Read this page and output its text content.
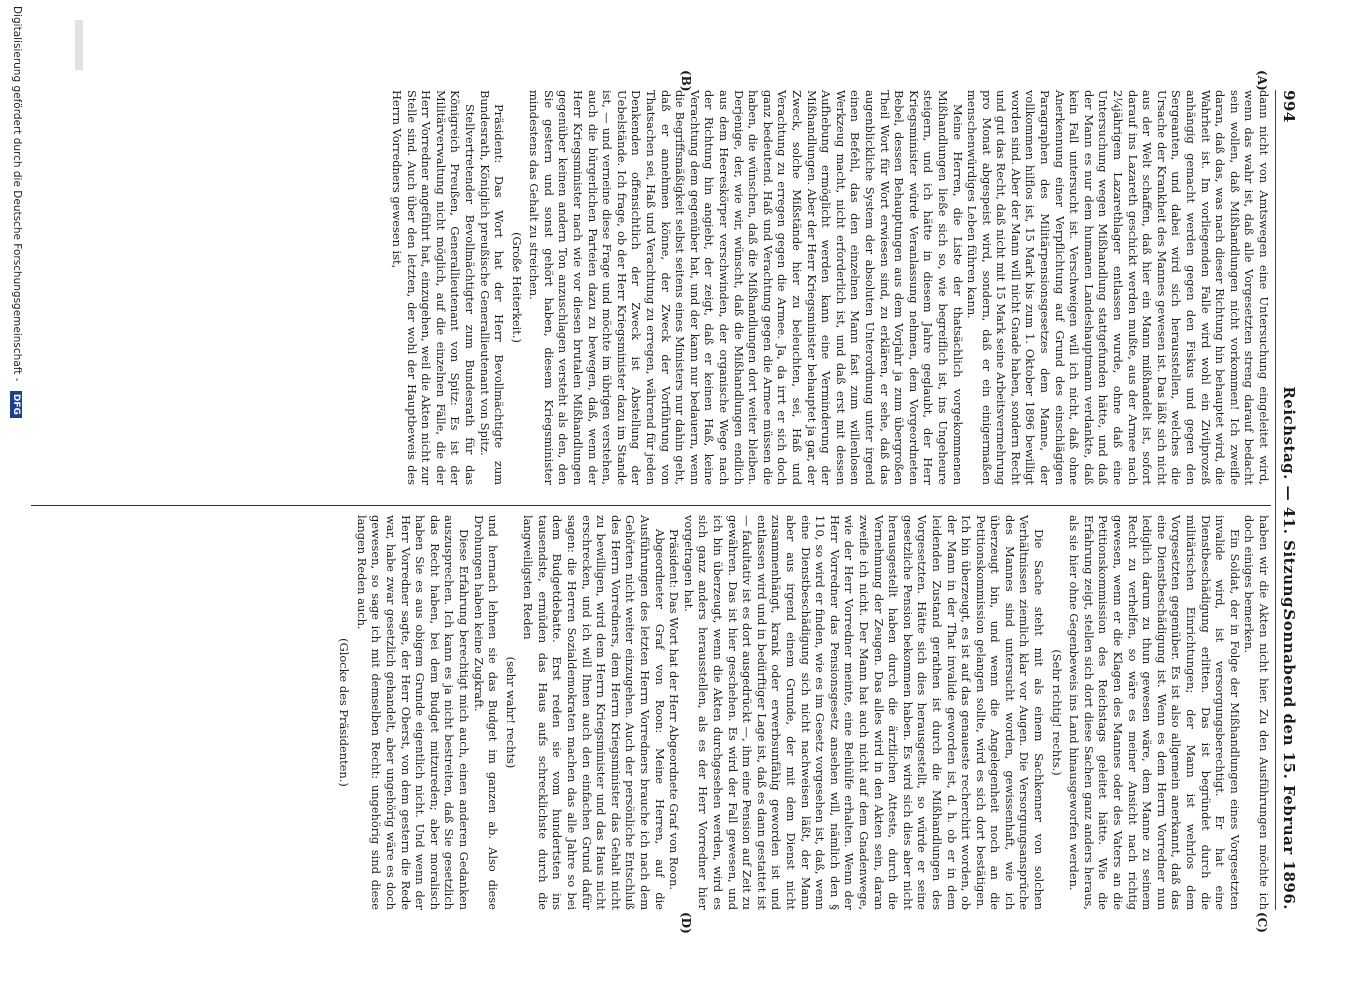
994
Reichstag. — 41. Sitzung.
Sonnabend den 15. Februar 1896.
(A)
(B)
(C)
(D)

dann nicht von Amtswegen eine Untersuchung eingeleitet wird, wenn das wahr ist, daß alle Vorgesetzten streng darauf bedacht sein wollen, daß Mißhandlungen nicht vorkommen! Ich zweifle daran, daß das, was nach dieser Richtung hin behauptet wird, die Wahrheit ist. Im vorliegenden Falle wird wohl ein Zivilprozeß anhängig gemacht werden gegen den Fiskus und gegen den Sergeanten, und dabei wird sich herausstellen, welches die Ursache der Krankheit des Mannes gewesen ist. Das läßt sich nicht aus der Welt schaffen, daß hier ein Mann mißhandelt ist, sofort darauf ins Lazareth geschickt werden mußte, aus der Armee nach 2¼jährigem Lazarethlager entlassen wurde, ohne daß eine Untersuchung wegen Mißhandlung stattgefunden hätte, und daß der Mann es nur dem humanen Landeshauptmann verdankte, daß kein Fall untersucht ist. Verschweigen will ich nicht, daß ohne Anerkennung einer Verpflichtung auf Grund des einschlägigen Paragraphen des Militärpensionsgesetzes dem Manne, der vollkommen hilflos ist, 15 Mark bis zum 1. Oktober 1896 bewilligt worden sind. Aber der Mann will nicht Gnade haben, sondern Recht und gut das Recht, daß nicht mit 15 Mark seine Arbeitsvermehrung pro Monat abgespeist wird, sondern, daß er ein einigermaßen menschenwürdiges Leben führen kann.

Meine Herren, die Liste der thatsächlich vorgekommenen Mißhandlungen ließe sich so, wie begreiflich ist, ins Ungeheure steigern, und ich hätte in diesem Jahre geglaubt, der Herr Kriegsminister würde Veranlassung nehmen, dem Vorgeordneten Bebel, dessen Behauptungen aus dem Vorjahr ja zum übergroßen Theil Wort für Wort erwiesen sind, zu erklären, er sehe, daß das augenblickliche System der absoluten Unterordnung unter irgend einen Befehl, das den einzelnen Mann fast zum willenlosen Werkzeug macht, nicht erforderlich ist, und daß erst mit dessen Aufhebung ermöglicht werden kann eine Verminderung der Mißhandlungen. Aber der Herr Kriegsminister behauptet ja gar, der Zweck, solche Mißstände hier zu beleuchten, sei, Haß und Verachtung zu erregen gegen die Armee. Ja, da irrt er sich doch ganz bedeutend. Haß und Verachtung gegen die Armee müssen die haben, die wünschen, daß die Mißhandlungen dort weiter bleiben. Derjenige, der, wie wir, wünscht, daß die Mißhandlungen endlich aus dem Heereskörper verschwinden, der organische Wege nach der Richtung hin angiebt, der zeigt, daß er keinen Haß, keine Verachtung dem gegenüber hat, und der kann nur bedauern, wenn die Begriffsmäßigkeit selbst seitens eines Ministers nur dahin geht, daß er annehmen könne, der Zweck der Vorführung von Thatsachen sei, Haß und Verachtung zu erregen, während für jeden Denkenden offensichtlich der Zweck ist Abstellung der Uebelstände. Ich frage, ob der Herr Kriegsminister dazu im Stande ist, — und verneine diese Frage und möchte im übrigen verstehen, auch die bürgerlichen Parteien dazu zu bewegen, daß, wenn der Herr Kriegsminister nach wie vor diesen brutalen Mißhandlungen gegenüber keinen andern Ton anzuschlagen versteht als den, den Sie gestern und sonst gehört haben, diesem Kriegsminister mindestens das Gehalt zu streichen.

(Große Heiterkeit.)

Präsident: Das Wort hat der Herr Bevollmächtigte zum Bundesrath, Königlich preußische Generallieutenant von Spitz.

Stellvertretender Bevollmächtigter zum Bundesrath für das Königreich Preußen, Generallieutenant von Spitz: Es ist der Militärverwaltung nicht möglich, auf die einzelnen Fälle, die der Herr Vorredner angeführt hat, einzugehen, weil die Akten nicht zur Stelle sind. Auch über den letzten, der wohl der Hauptbeweis des Herrn Vorredners gewesen ist,

haben wir die Akten nicht hier. Zu den Ausführungen möchte ich doch einiges bemerken.

Ein Soldat, der in Folge der Mißhandlungen eines Vorgesetzten invalide wird, ist versorgungsberechtigt. Er hat eine Dienstbeschädigung erlitten. Das ist begründet durch die militärischen Einrichtungen; der Mann ist wehrlos dem Vorgesetzten gegenüber. Es ist also allgemein anerkannt, daß das eine Dienstbeschädigung ist. Wenn es dem Herrn Vorredner nun lediglich darum zu thun gewesen wäre, dem Manne zu seinem Recht zu verhelfen, so wäre es meiner Ansicht nach richtig gewesen, wenn er die Klagen des Mannes oder des Vaters an die Petitionskommission des Reichstags geleitet hätte. Wie die Erfahrung zeigt, stellen sich dort diese Sachen ganz anders heraus, als sie hier ohne Gegenbeweis ins Land hinausgeworfen werden.

(Sehr richtig! rechts.)

Die Sache steht mit als einem Sachkenner von solchen Verhältnissen ziemlich klar vor Augen. Die Versorgungsansprüche des Mannes sind untersucht worden, gewissenhaft, wie ich überzeugt bin, und wenn die Angelegenheit noch an die Petitionskommission gelangen sollte, wird es sich dort bestätigen. Ich bin überzeugt, es ist auf das genaueste recherchirt worden, ob der Mann in der That invalide geworden ist, d. h. ob er in dem leidenden Zustand gerathen ist durch die Mißhandlungen des Vorgesetzten. Hätte sich dies herausgestellt, so würde er seine gesetzliche Pension bekommen haben. Es wird sich dies aber nicht herausgestellt haben durch die ärztlichen Atteste, durch die Vernehmung der Zeugen. Das alles wird in den Akten sein, daran zweifle ich nicht. Der Mann hat auch nicht auf dem Gnadenwege, wie der Herr Vorredner meinte, eine Beihülfe erhalten. Wenn der Herr Vorredner das Pensionsgesetz ansehen will, nämlich den § 110, so wird er finden, wie es im Gesetz vorgesehen ist, daß, wenn eine Dienstbeschädigung sich nicht nachweisen läßt, der Mann aber aus irgend einem Grunde, der mit dem Dienst nicht zusammenhängt, krank oder erwerbsunfähig geworden ist und entlassen wird und in bedürftiger Lage ist, daß es dann gestattet ist — fakultativ ist es dort ausgedrückt —, ihm eine Pension auf Zeit zu gewähren. Das ist hier geschehen. Es wird der Fall gewesen, und ich bin überzeugt, wenn die Akten durchgesehen werden, wird es sich ganz anders herausstellen, als es der Herr Vorredner hier vorgetragen hat.

Präsident: Das Wort hat der Herr Abgeordnete Graf von Roon.

Abgeordneter Graf von Roon: Meine Herren, auf die Ausführungen des letzten Herrn Vorredners brauche ich nach dem Gehörten nicht weiter einzugehen. Auch der persönliche Entschluß des Herrn Vorredners, dem Herrn Kriegsminister das Gehalt nicht zu bewilligen, wird dem Herrn Kriegsminister und das Haus nicht erschrecken, und ich will Ihnen auch den einfachen Grund dafür sagen: die Herren Sozialdemokraten machen das alle Jahre so bei dem Budgetdebatte. Erst reden sie vom hundertsten ins tausendste, ermüden das Haus aufs schrecklichste durch die langweiligsten Reden

(sehr wahr! rechts)

und hernach lehnen sie das Budget im ganzen ab. Also diese Drohungen haben keine Zugkraft.

Diese Erfahrung berechtigt mich auch, einen anderen Gedanken auszusprechen. Ich kann es ja nicht bestreiten, daß Sie gesetzlich das Recht haben, bei dem Budget mitzureden; aber moralisch haben Sie es aus obigem Grunde eigentlich nicht. Und wenn der Herr Vorredner sagte, der Herr Oberst, von dem gestern die Rede war, habe zwar gesetzlich gehandelt, aber ungehörig wäre es doch gewesen, so sage ich mit demselben Recht: ungehörig sind diese langen Reden auch.

(Glocke des Präsidenten.)

Digitalisierung gefördert durch die Deutsche Forschungsgemeinschaft - DFG
